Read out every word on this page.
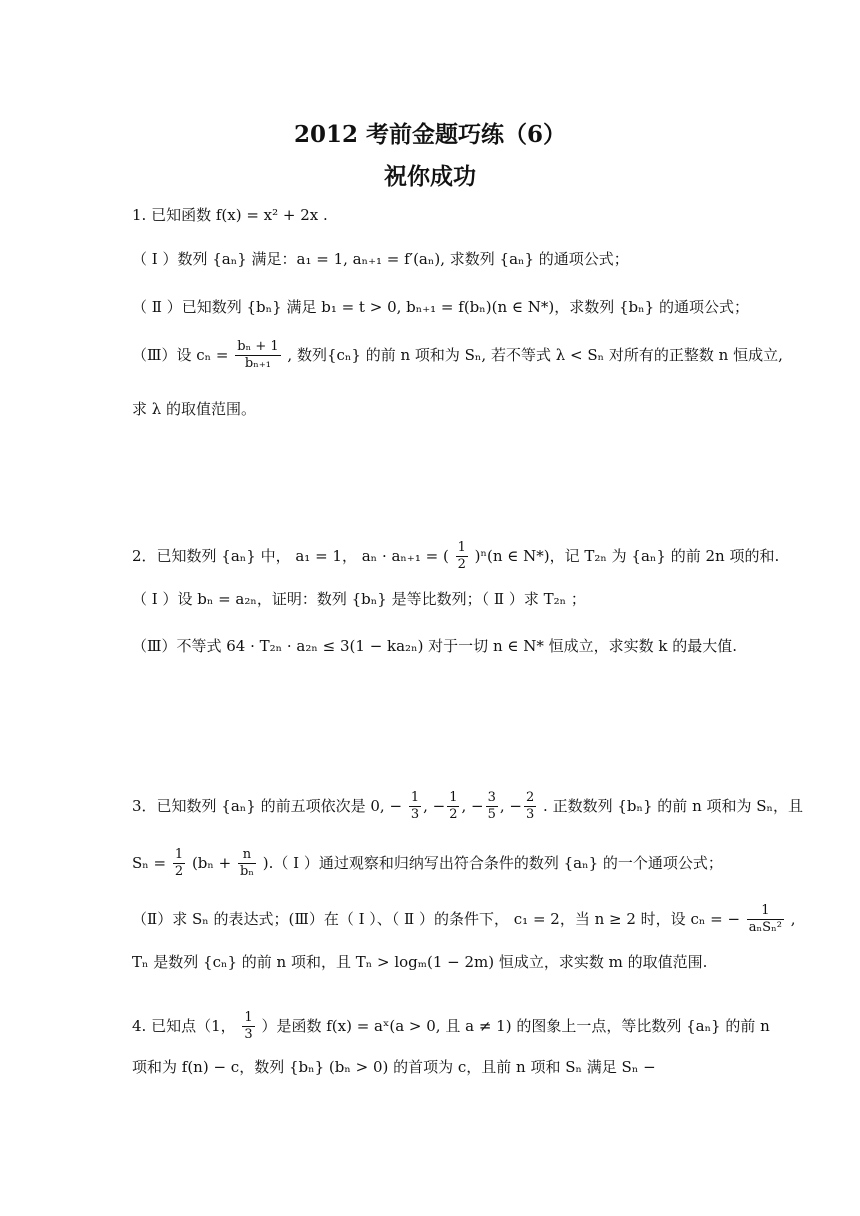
2012 考前金题巧练（6）
祝你成功
1. 已知函数 f(x) = x² + 2x .
（ Ⅰ ）数列 {aₙ} 满足：a₁ = 1, aₙ₊₁ = f′(aₙ), 求数列 {aₙ} 的通项公式；
（ Ⅱ ）已知数列 {bₙ} 满足 b₁ = t > 0, bₙ₊₁ = f(bₙ)(n ∈ N*)，求数列 {bₙ} 的通项公式；
（Ⅲ）设 $c_n = \frac{\text{bₙ + 1}}{\text{bₙ₊₁}}$ , 数列{cₙ} 的前 n 项和为 Sₙ, 若不等式 λ < Sₙ 对所有的正整数 n 恒成立,
求 λ 的取值范围。
2．已知数列 {aₙ} 中， a₁ = 1， aₙ · aₙ₊₁ = ( $\frac{1}{2} )^n(n$ ∈ N*)，记 T₂ₙ 为 {aₙ} 的前 2n 项的和.
（ Ⅰ ）设 bₙ = a₂ₙ，证明：数列 {bₙ} 是等比数列；（ Ⅱ ）求 T₂ₙ ；
（Ⅲ）不等式 64 · T₂ₙ · a₂ₙ ≤ 3(1 − ka₂ₙ) 对于一切 n ∈ N* 恒成立，求实数 k 的最大值.
3．已知数列 {aₙ} 的前五项依次是 0, − $\frac{1}{3}$ , − $\frac{1}{2}$ , − $\frac{3}{5}$ , − $\frac{2}{3}$ . 正数数列 {bₙ} 的前 n 项和为 Sₙ，且
$S_n = \frac{1}{2} (b_n + \frac{n}{\text{bₙ}}$ ).（ Ⅰ ）通过观察和归纳写出符合条件的数列 {aₙ} 的一个通项公式；
（Ⅱ）求 Sₙ 的表达式；(Ⅲ）在（ Ⅰ ）、（ Ⅱ ）的条件下， c₁ = 2，当 n ≥ 2 时，设 cₙ = − $\frac{1}{\text{aₙSₙ²}}$ ,
Tₙ 是数列 {cₙ} 的前 n 项和，且 Tₙ > logₘ(1 − 2m) 恒成立，求实数 m 的取值范围.
4. 已知点（1， $\frac{1}{3}$ ）是函数 f(x) = aˣ(a > 0, 且 a ≠ 1) 的图象上一点，等比数列 {aₙ} 的前 n
项和为 f(n) − c，数列 {bₙ} (bₙ > 0) 的首项为 c，且前 n 项和 Sₙ 满足 Sₙ −
